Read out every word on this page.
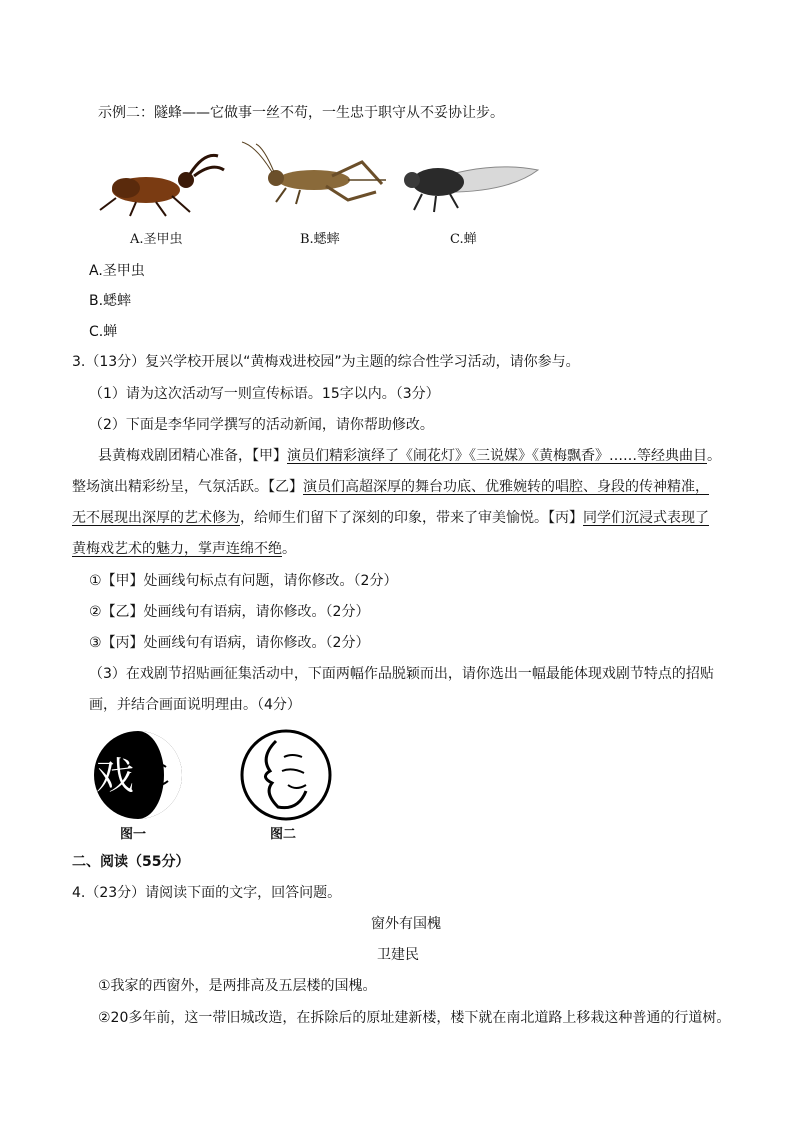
示例二：隧蜂——它做事一丝不苟，一生忠于职守从不妥协让步。
A.圣甲虫	B.蟋蟀	C.蝉
A.圣甲虫
B.蟋蟀
C.蝉
3.（13分）复兴学校开展以“黄梅戏进校园”为主题的综合性学习活动，请你参与。
（1）请为这次活动写一则宣传标语。15字以内。（3分）
（2）下面是李华同学撰写的活动新闻，请你帮助修改。
县黄梅戏剧团精心准备，【甲】演员们精彩演绎了《闹花灯》《三说媒》《黄梅飘香》……等经典曲目。
整场演出精彩纷呈，气氛活跃。【乙】演员们高超深厚的舞台功底、优雅婉转的唱腔、身段的传神精准，
无不展现出深厚的艺术修为，给师生们留下了深刻的印象，带来了审美愉悦。【丙】同学们沉浸式表现了
黄梅戏艺术的魅力，掌声连绵不绝。
①【甲】处画线句标点有问题，请你修改。（2分）
②【乙】处画线句有语病，请你修改。（2分）
③【丙】处画线句有语病，请你修改。（2分）
（3）在戏剧节招贴画征集活动中，下面两幅作品脱颖而出，请你选出一幅最能体现戏剧节特点的招贴
画，并结合画面说明理由。（4分）
戏
图一	图二
二、阅读（55分）
4.（23分）请阅读下面的文字，回答问题。
窗外有国槐
卫建民
①我家的西窗外，是两排高及五层楼的国槐。
②20多年前，这一带旧城改造，在拆除后的原址建新楼，楼下就在南北道路上移栽这种普通的行道树。
